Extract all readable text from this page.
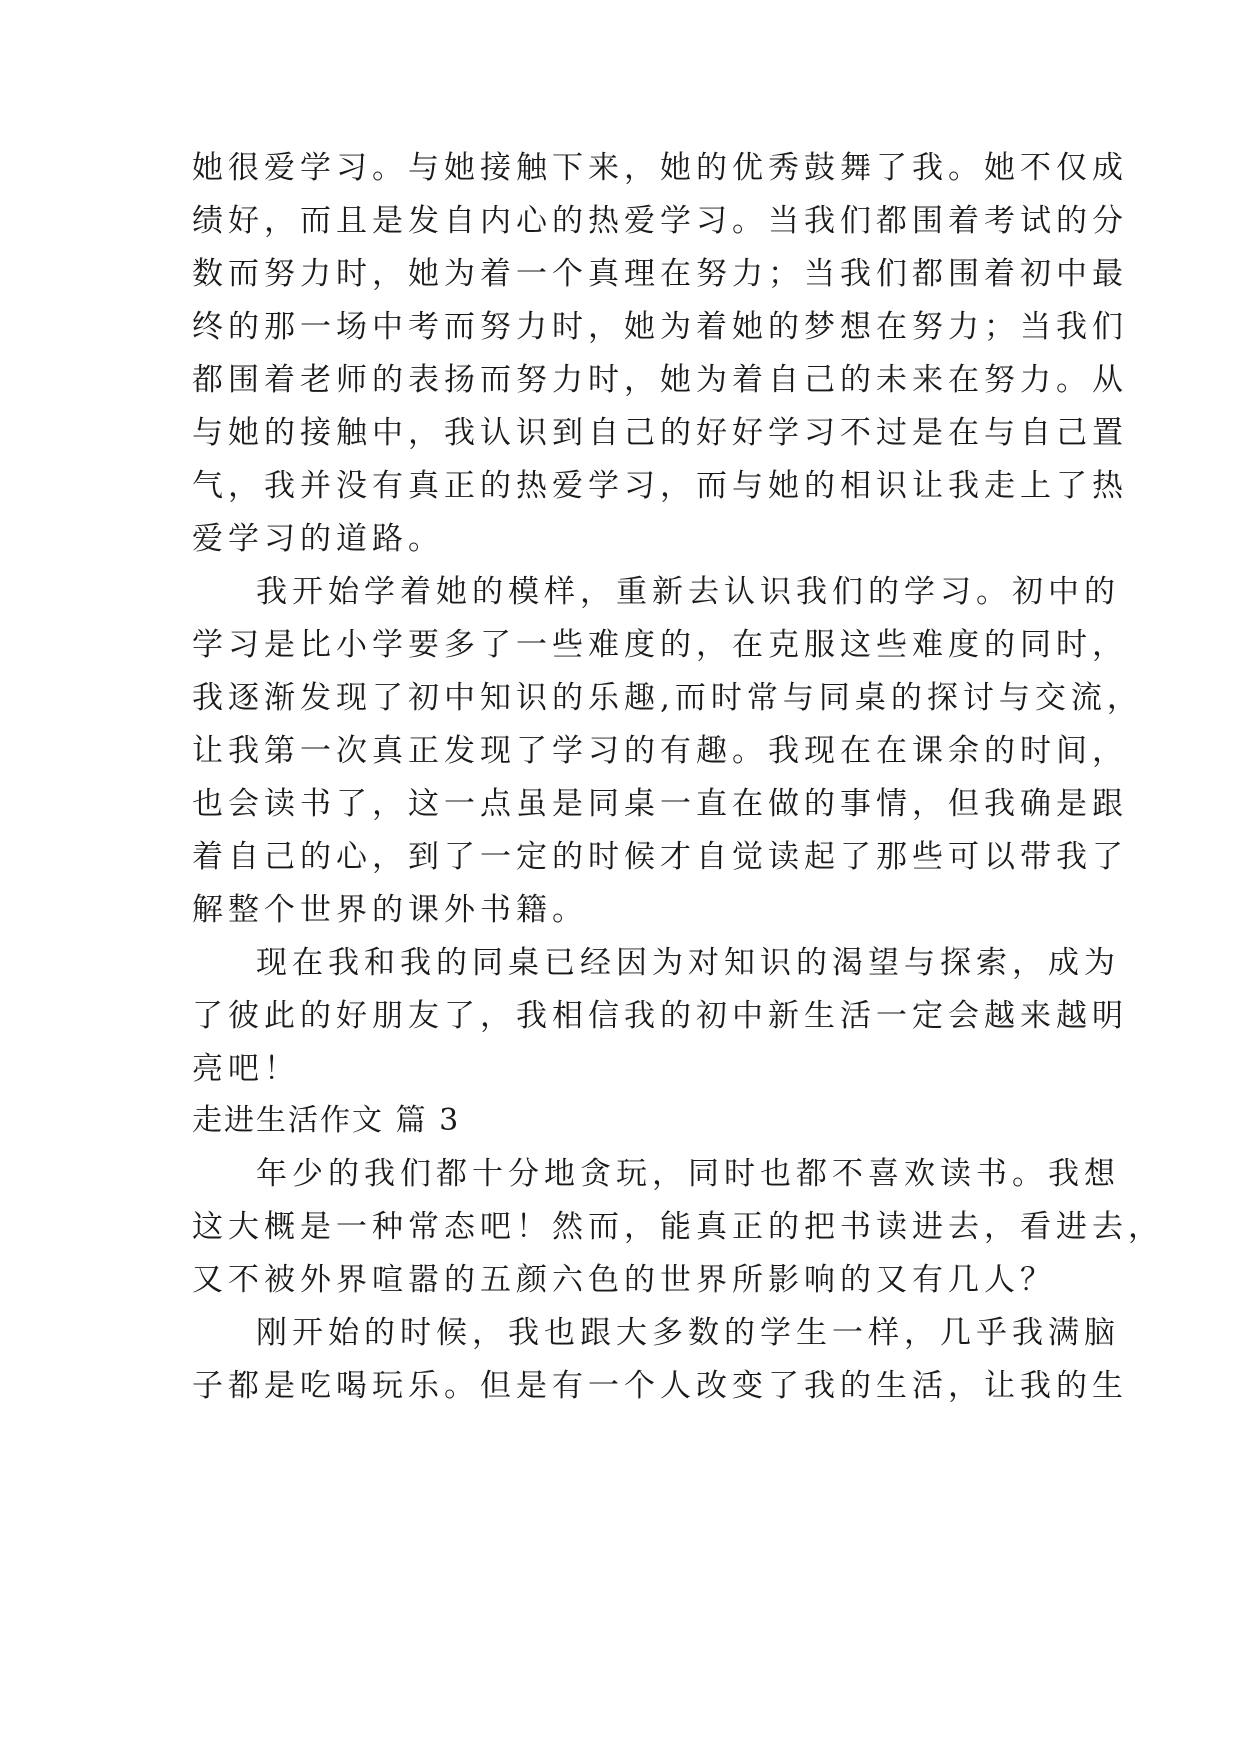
她很爱学习。与她接触下来，她的优秀鼓舞了我。她不仅成
绩好，而且是发自内心的热爱学习。当我们都围着考试的分
数而努力时，她为着一个真理在努力；当我们都围着初中最
终的那一场中考而努力时，她为着她的梦想在努力；当我们
都围着老师的表扬而努力时，她为着自己的未来在努力。从
与她的接触中，我认识到自己的好好学习不过是在与自己置
气，我并没有真正的热爱学习，而与她的相识让我走上了热
爱学习的道路。
我开始学着她的模样，重新去认识我们的学习。初中的
学习是比小学要多了一些难度的，在克服这些难度的同时，
我逐渐发现了初中知识的乐趣,而时常与同桌的探讨与交流，
让我第一次真正发现了学习的有趣。我现在在课余的时间，
也会读书了，这一点虽是同桌一直在做的事情，但我确是跟
着自己的心，到了一定的时候才自觉读起了那些可以带我了
解整个世界的课外书籍。
现在我和我的同桌已经因为对知识的渴望与探索，成为
了彼此的好朋友了，我相信我的初中新生活一定会越来越明
亮吧！
走进生活作文 篇 3
年少的我们都十分地贪玩，同时也都不喜欢读书。我想
这大概是一种常态吧！然而，能真正的把书读进去，看进去，
又不被外界喧嚣的五颜六色的世界所影响的又有几人？
刚开始的时候，我也跟大多数的学生一样，几乎我满脑
子都是吃喝玩乐。但是有一个人改变了我的生活，让我的生
